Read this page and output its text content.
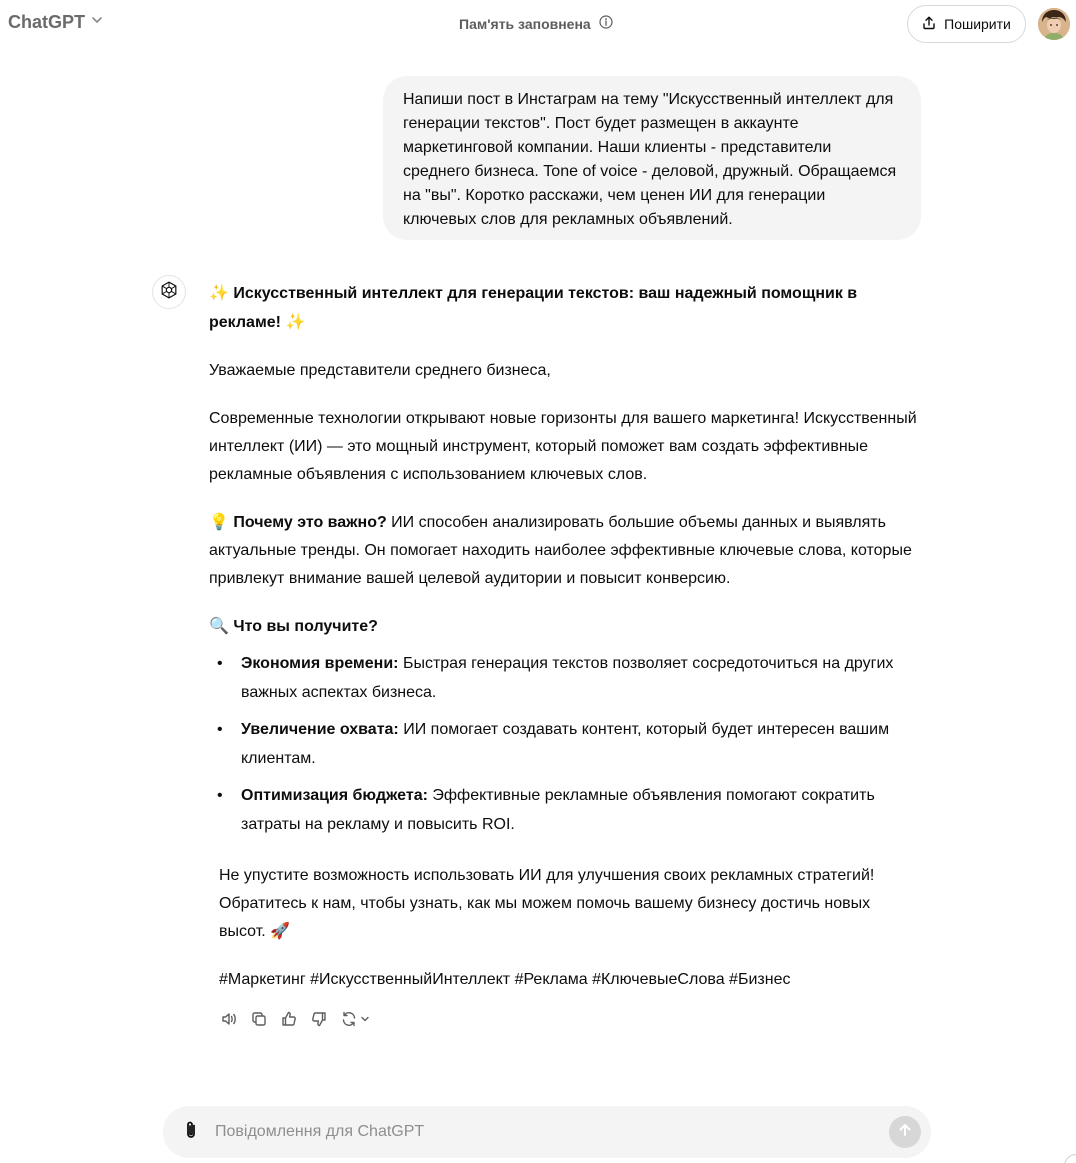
ChatGPT	Пам'ять заповнена	Поширити
Напиши пост в Инстаграм на тему "Искусственный интеллект для генерации текстов". Пост будет размещен в аккаунте маркетинговой компании. Наши клиенты - представители среднего бизнеса. Tone of voice - деловой, дружный. Обращаемся на "вы". Коротко расскажи, чем ценен ИИ для генерации ключевых слов для рекламных объявлений.

✨ Искусственный интеллект для генерации текстов: ваш надежный помощник в рекламе! ✨

Уважаемые представители среднего бизнеса,

Современные технологии открывают новые горизонты для вашего маркетинга! Искусственный интеллект (ИИ) — это мощный инструмент, который поможет вам создать эффективные рекламные объявления с использованием ключевых слов.

💡 Почему это важно? ИИ способен анализировать большие объемы данных и выявлять актуальные тренды. Он помогает находить наиболее эффективные ключевые слова, которые привлекут внимание вашей целевой аудитории и повысит конверсию.

🔍 Что вы получите?

• Экономия времени: Быстрая генерация текстов позволяет сосредоточиться на других важных аспектах бизнеса.
• Увеличение охвата: ИИ помогает создавать контент, который будет интересен вашим клиентам.
• Оптимизация бюджета: Эффективные рекламные объявления помогают сократить затраты на рекламу и повысить ROI.

Не упустите возможность использовать ИИ для улучшения своих рекламных стратегий! Обратитесь к нам, чтобы узнать, как мы можем помочь вашему бизнесу достичь новых высот. 🚀

#Маркетинг #ИскусственныйИнтеллект #Реклама #КлючевыеСлова #Бизнес

Повідомлення для ChatGPT
